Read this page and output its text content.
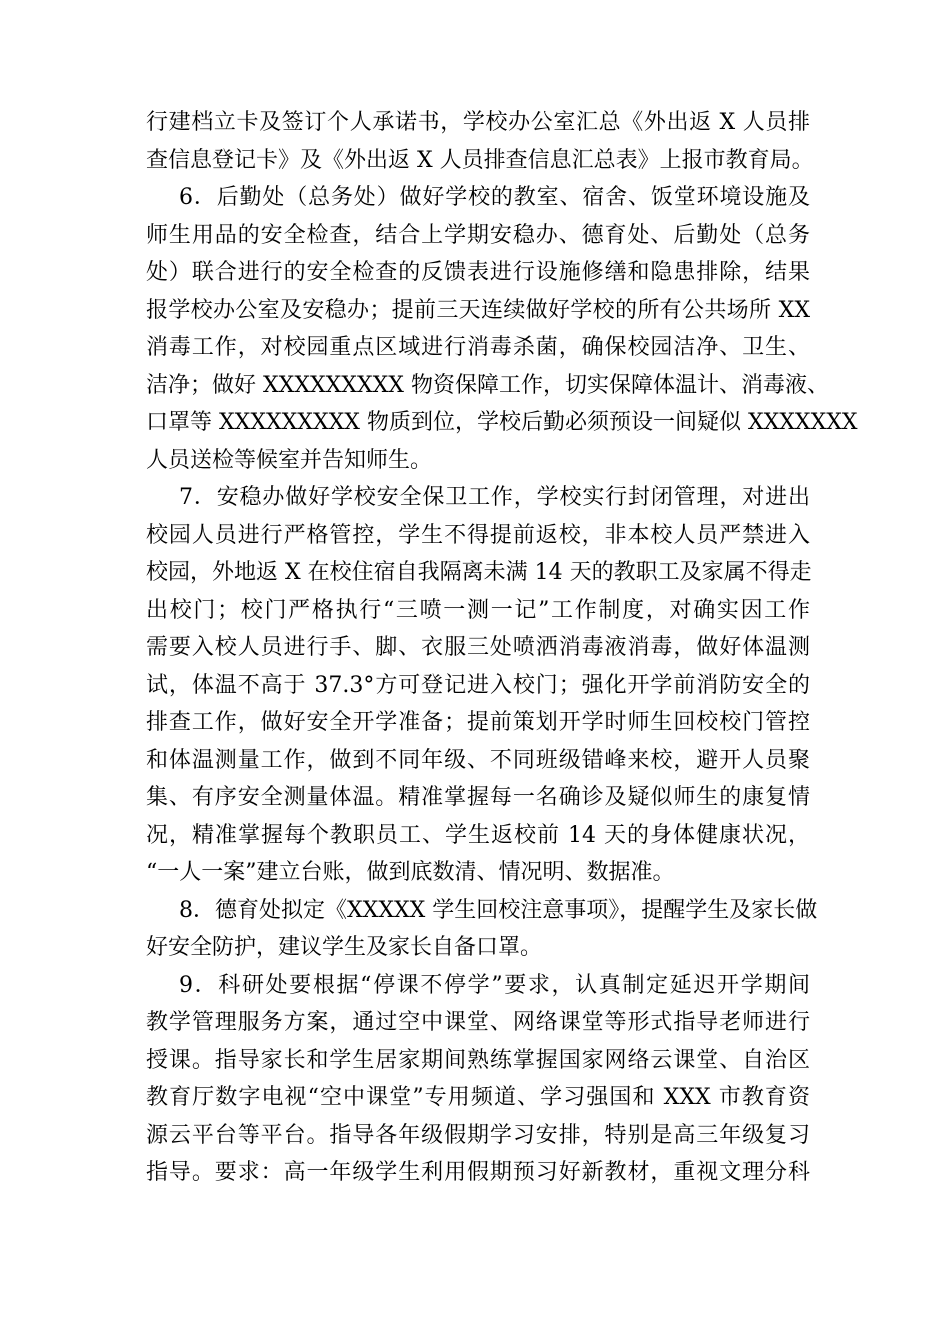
行建档立卡及签订个人承诺书，学校办公室汇总《外出返 X 人员排
查信息登记卡》及《外出返 X 人员排查信息汇总表》上报市教育局。
6．后勤处（总务处）做好学校的教室、宿舍、饭堂环境设施及
师生用品的安全检查，结合上学期安稳办、德育处、后勤处（总务
处）联合进行的安全检查的反馈表进行设施修缮和隐患排除，结果
报学校办公室及安稳办；提前三天连续做好学校的所有公共场所 XX
消毒工作，对校园重点区域进行消毒杀菌，确保校园洁净、卫生、
洁净；做好 XXXXXXXXX 物资保障工作，切实保障体温计、消毒液、
口罩等 XXXXXXXXX 物质到位，学校后勤必须预设一间疑似 XXXXXXX
人员送检等候室并告知师生。
7．安稳办做好学校安全保卫工作，学校实行封闭管理，对进出
校园人员进行严格管控，学生不得提前返校，非本校人员严禁进入
校园，外地返 X 在校住宿自我隔离未满 14 天的教职工及家属不得走
出校门；校门严格执行“三喷一测一记”工作制度，对确实因工作
需要入校人员进行手、脚、衣服三处喷洒消毒液消毒，做好体温测
试，体温不高于 37.3°方可登记进入校门；强化开学前消防安全的
排查工作，做好安全开学准备；提前策划开学时师生回校校门管控
和体温测量工作，做到不同年级、不同班级错峰来校，避开人员聚
集、有序安全测量体温。精准掌握每一名确诊及疑似师生的康复情
况，精准掌握每个教职员工、学生返校前 14 天的身体健康状况，
“一人一案”建立台账，做到底数清、情况明、数据准。
8．德育处拟定《XXXXX 学生回校注意事项》，提醒学生及家长做
好安全防护，建议学生及家长自备口罩。
9．科研处要根据“停课不停学”要求，认真制定延迟开学期间
教学管理服务方案，通过空中课堂、网络课堂等形式指导老师进行
授课。指导家长和学生居家期间熟练掌握国家网络云课堂、自治区
教育厅数字电视“空中课堂”专用频道、学习强国和 XXX 市教育资
源云平台等平台。指导各年级假期学习安排，特别是高三年级复习
指导。要求：高一年级学生利用假期预习好新教材，重视文理分科
